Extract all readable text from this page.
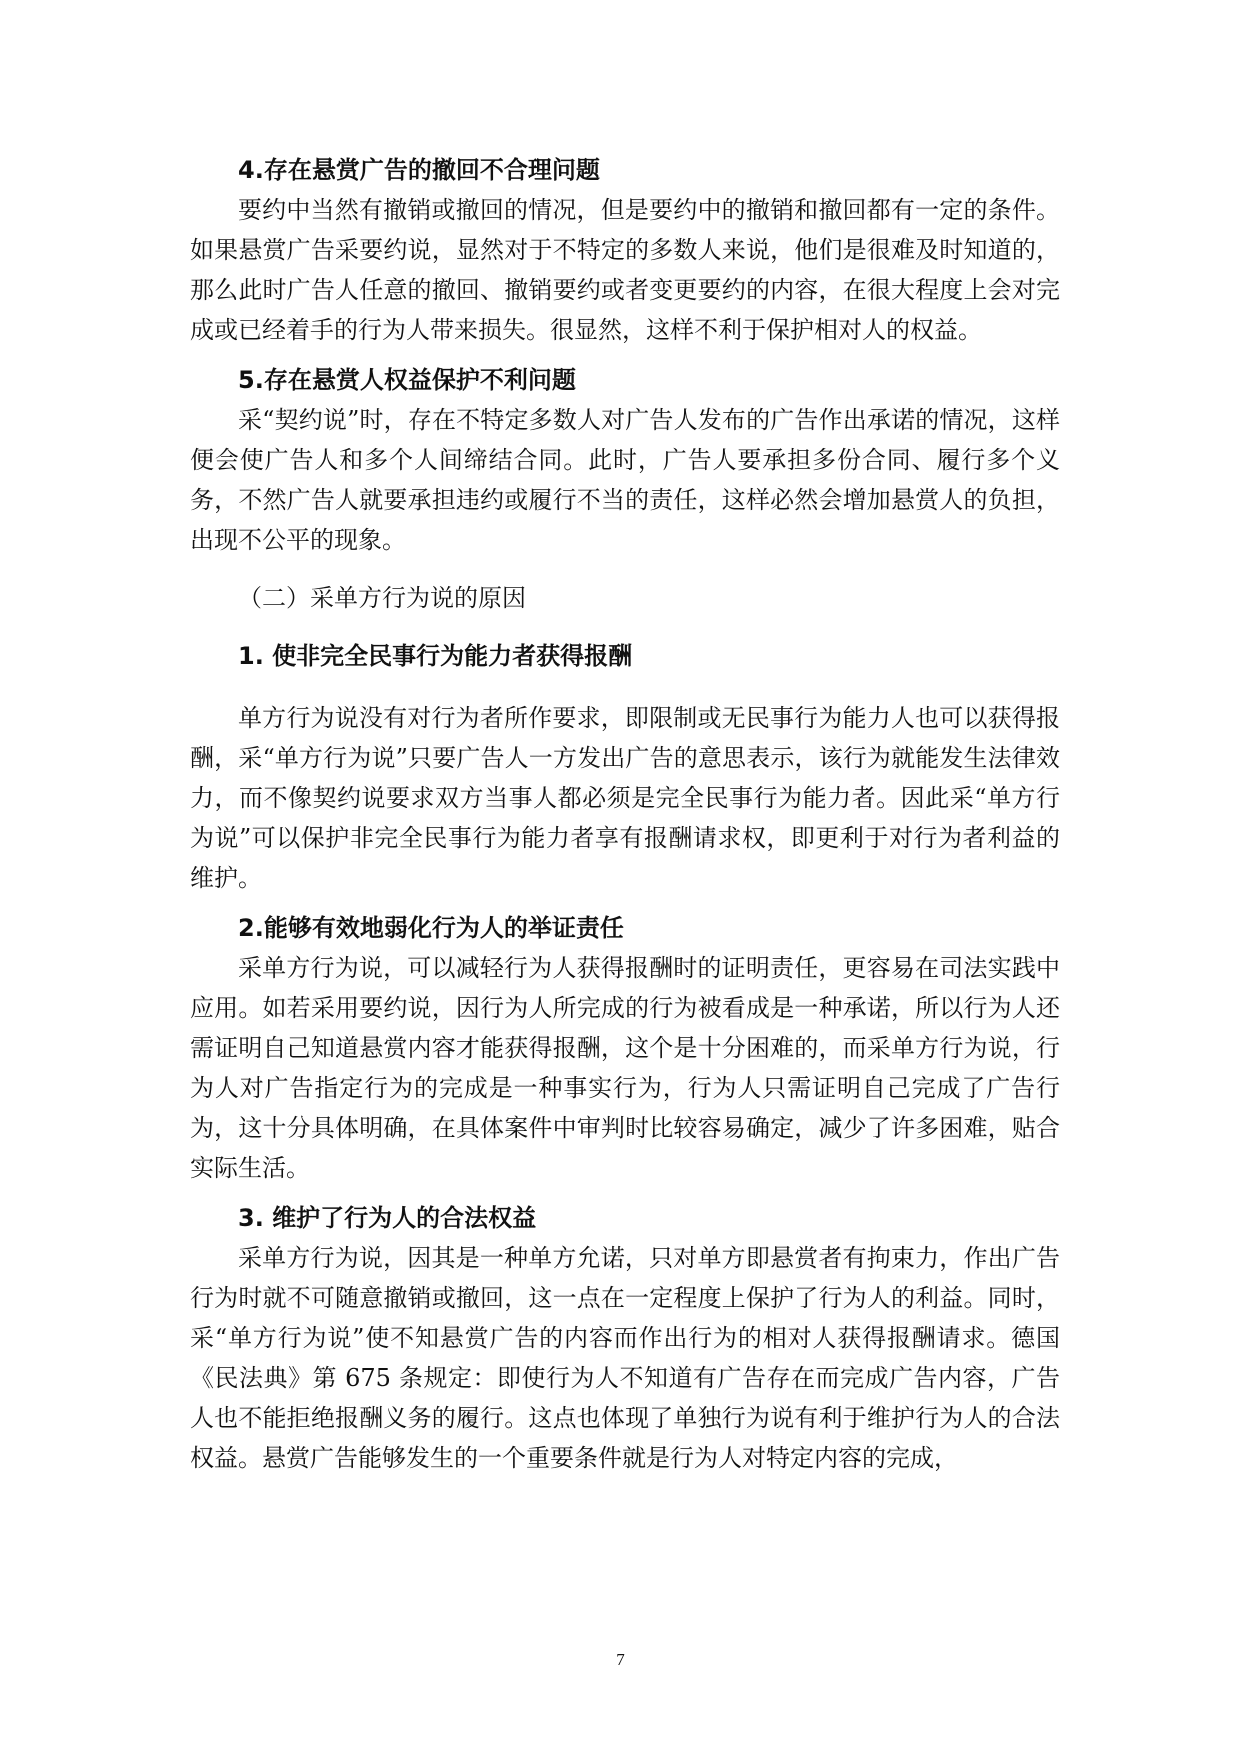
4.存在悬赏广告的撤回不合理问题

要约中当然有撤销或撤回的情况，但是要约中的撤销和撤回都有一定的条件。如果悬赏广告采要约说，显然对于不特定的多数人来说，他们是很难及时知道的，那么此时广告人任意的撤回、撤销要约或者变更要约的内容，在很大程度上会对完成或已经着手的行为人带来损失。很显然，这样不利于保护相对人的权益。

5.存在悬赏人权益保护不利问题

采“契约说”时，存在不特定多数人对广告人发布的广告作出承诺的情况，这样便会使广告人和多个人间缔结合同。此时，广告人要承担多份合同、履行多个义务，不然广告人就要承担违约或履行不当的责任，这样必然会增加悬赏人的负担，出现不公平的现象。

（二）采单方行为说的原因

1. 使非完全民事行为能力者获得报酬

单方行为说没有对行为者所作要求，即限制或无民事行为能力人也可以获得报酬，采“单方行为说”只要广告人一方发出广告的意思表示，该行为就能发生法律效力，而不像契约说要求双方当事人都必须是完全民事行为能力者。因此采“单方行为说”可以保护非完全民事行为能力者享有报酬请求权，即更利于对行为者利益的维护。

2.能够有效地弱化行为人的举证责任

采单方行为说，可以减轻行为人获得报酬时的证明责任，更容易在司法实践中应用。如若采用要约说，因行为人所完成的行为被看成是一种承诺，所以行为人还需证明自己知道悬赏内容才能获得报酬，这个是十分困难的，而采单方行为说，行为人对广告指定行为的完成是一种事实行为，行为人只需证明自己完成了广告行为，这十分具体明确，在具体案件中审判时比较容易确定，减少了许多困难，贴合实际生活。

3. 维护了行为人的合法权益

采单方行为说，因其是一种单方允诺，只对单方即悬赏者有拘束力，作出广告行为时就不可随意撤销或撤回，这一点在一定程度上保护了行为人的利益。同时，采“单方行为说”使不知悬赏广告的内容而作出行为的相对人获得报酬请求。德国《民法典》第 675 条规定：即使行为人不知道有广告存在而完成广告内容，广告人也不能拒绝报酬义务的履行。这点也体现了单独行为说有利于维护行为人的合法权益。悬赏广告能够发生的一个重要条件就是行为人对特定内容的完成，

7
